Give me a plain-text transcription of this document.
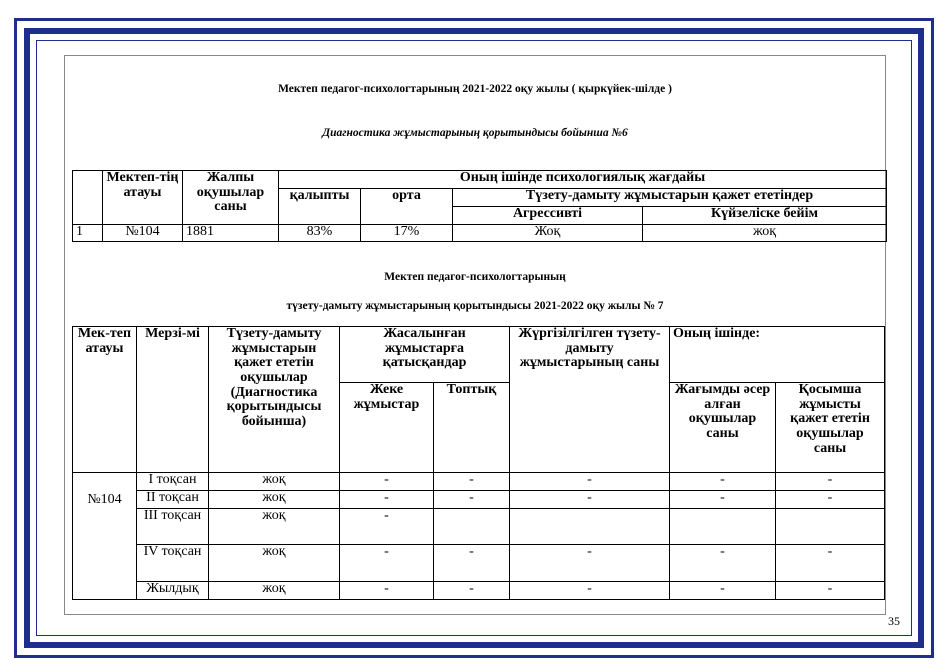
Мектеп педагог-психологтарының 2021-2022 оқу жылы ( қыркүйек-шілде )
Диагностика жұмыстарының қорытындысы бойынша №6
	Мектеп-тің атауы	Жалпы оқушылар саны	Оның ішінде психологиялық жағдайы			
			қалыпты	орта	Түзету-дамыту жұмыстарын қажет ететіндер	
					Агрессивті	Күйзеліске бейім
1	№104	1881	83%	17%	Жоқ	жоқ
Мектеп педагог-психологтарының
түзету-дамыту жұмыстарының қорытындысы 2021-2022 оқу жылы № 7
Мек-теп атауы	Мерзі-мі	Түзету-дамыту жұмыстарын қажет ететін оқушылар (Диагностика қорытындысы бойынша)	Жасалынған жұмыстарға қатысқандар		Жүргізілгілген түзету-дамыту жұмыстарының саны	Оның ішінде:	
			Жеке жұмыстар	Топтық		Жағымды әсер алған оқушылар саны	Қосымша жұмысты қажет ететін оқушылар саны
№104	І тоқсан	жоқ	-	-	-	-	-
	ІІ тоқсан	жоқ	-	-	-	-	-
	ІІІ тоқсан	жоқ	-				
	ІV тоқсан	жоқ	-	-	-	-	-
	Жылдық	жоқ	-	-	-	-	-
35
